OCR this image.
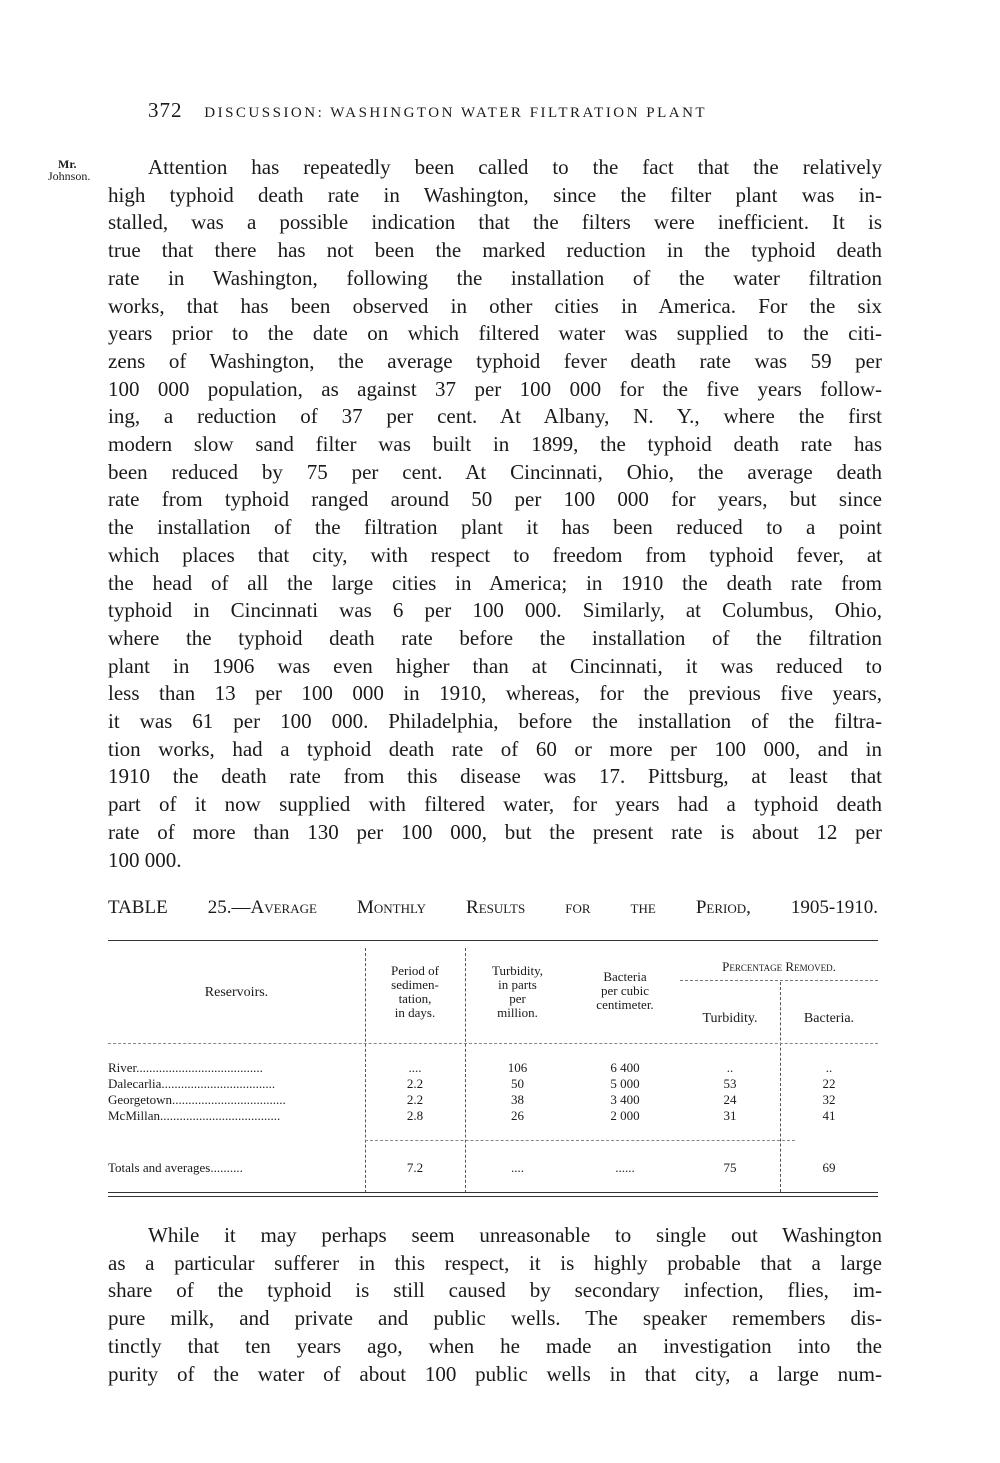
372 DISCUSSION: WASHINGTON WATER FILTRATION PLANT
Mr.
Johnson.	Attention has repeatedly been called to the fact that the relatively
high typhoid death rate in Washington, since the filter plant was in-
stalled, was a possible indication that the filters were inefficient. It is
true that there has not been the marked reduction in the typhoid death
rate in Washington, following the installation of the water filtration
works, that has been observed in other cities in America. For the six
years prior to the date on which filtered water was supplied to the citi-
zens of Washington, the average typhoid fever death rate was 59 per
100 000 population, as against 37 per 100 000 for the five years follow-
ing, a reduction of 37 per cent. At Albany, N. Y., where the first
modern slow sand filter was built in 1899, the typhoid death rate has
been reduced by 75 per cent. At Cincinnati, Ohio, the average death
rate from typhoid ranged around 50 per 100 000 for years, but since
the installation of the filtration plant it has been reduced to a point
which places that city, with respect to freedom from typhoid fever, at
the head of all the large cities in America; in 1910 the death rate from
typhoid in Cincinnati was 6 per 100 000. Similarly, at Columbus, Ohio,
where the typhoid death rate before the installation of the filtration
plant in 1906 was even higher than at Cincinnati, it was reduced to
less than 13 per 100 000 in 1910, whereas, for the previous five years,
it was 61 per 100 000. Philadelphia, before the installation of the filtra-
tion works, had a typhoid death rate of 60 or more per 100 000, and in
1910 the death rate from this disease was 17. Pittsburg, at least that
part of it now supplied with filtered water, for years had a typhoid death
rate of more than 130 per 100 000, but the present rate is about 12 per
100 000.
TABLE 25.—Average Monthly Results for the Period, 1905-1910.
Reservoirs.
Period of
sedimen-
tation,
in days.
Turbidity,
in parts
per
million.
Bacteria
per cubic
centimeter.
Percentage Removed.
Turbidity.	Bacteria.
River.......................................	....	106	6 400	..	..
Dalecarlia...................................	2.2	50	5 000	53	22
Georgetown...................................	2.2	38	3 400	24	32
McMillan.....................................	2.8	26	2 000	31	41
Totals and averages..........	7.2	....	......	75	69
While it may perhaps seem unreasonable to single out Washington
as a particular sufferer in this respect, it is highly probable that a large
share of the typhoid is still caused by secondary infection, flies, im-
pure milk, and private and public wells. The speaker remembers dis-
tinctly that ten years ago, when he made an investigation into the
purity of the water of about 100 public wells in that city, a large num-
